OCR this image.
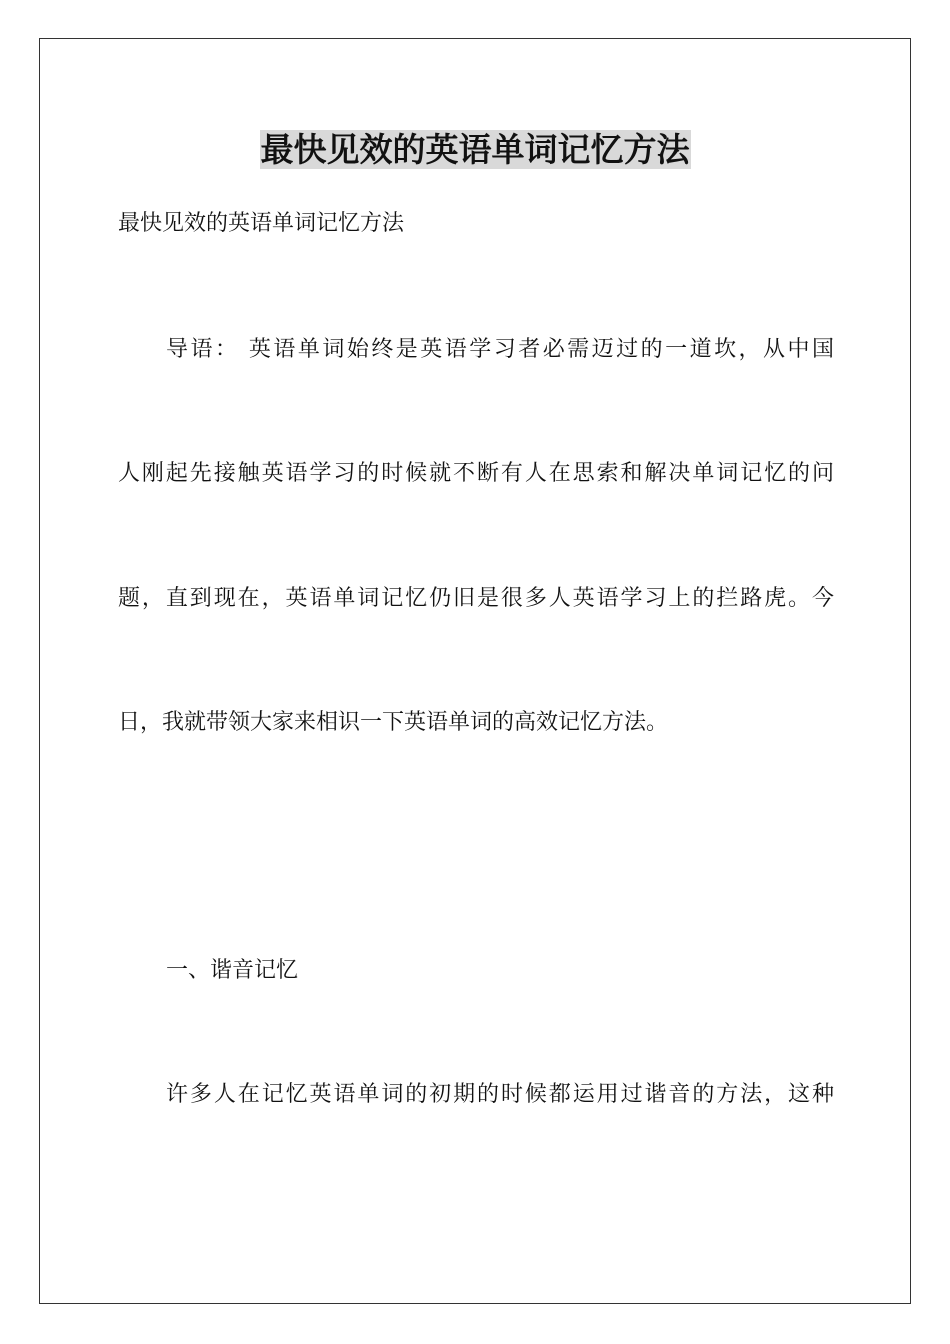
最快见效的英语单词记忆方法

最快见效的英语单词记忆方法

导语： 英语单词始终是英语学习者必需迈过的一道坎，从中国

人刚起先接触英语学习的时候就不断有人在思索和解决单词记忆的问

题，直到现在，英语单词记忆仍旧是很多人英语学习上的拦路虎。今

日，我就带领大家来相识一下英语单词的高效记忆方法。

一、谐音记忆

许多人在记忆英语单词的初期的时候都运用过谐音的方法，这种
